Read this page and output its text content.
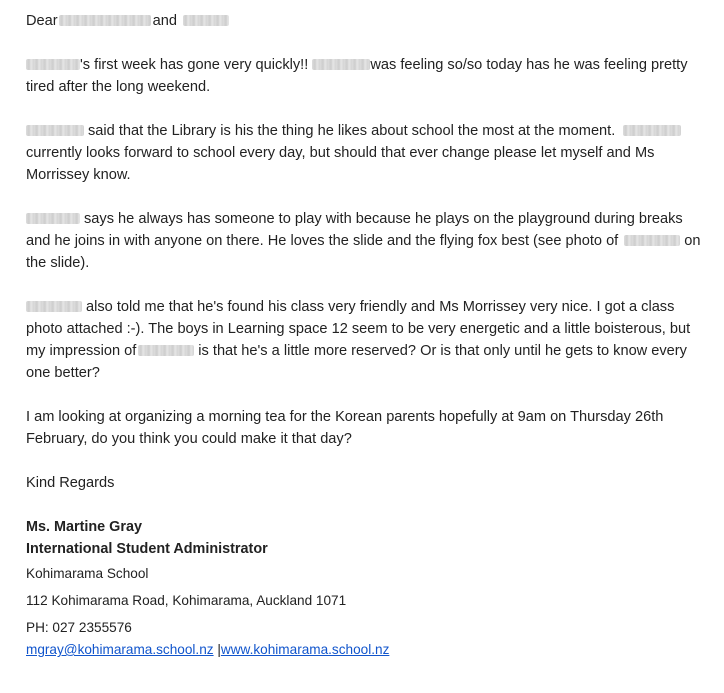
Dear	and
's first week has gone very quickly!!	was feeling so/so today has he was feeling pretty
tired after the long weekend.
said that the Library is his the thing he likes about school the most at the moment.
currently looks forward to school every day, but should that ever change please let myself and Ms
Morrissey know.
says he always has someone to play with because he plays on the playground during breaks
and he joins in with anyone on there. He loves the slide and the flying fox best (see photo of	on
the slide).
also told me that he's found his class very friendly and Ms Morrissey very nice. I got a class
photo attached :-). The boys in Learning space 12 seem to be very energetic and a little boisterous, but
my impression of	is that he's a little more reserved? Or is that only until he gets to know every
one better?
I am looking at organizing a morning tea for the Korean parents hopefully at 9am on Thursday 26th
February, do you think you could make it that day?
Kind Regards
Ms. Martine Gray
International Student Administrator
Kohimarama School
112 Kohimarama Road, Kohimarama, Auckland 1071
PH: 027 2355576
mgray@kohimarama.school.nz |www.kohimarama.school.nz
